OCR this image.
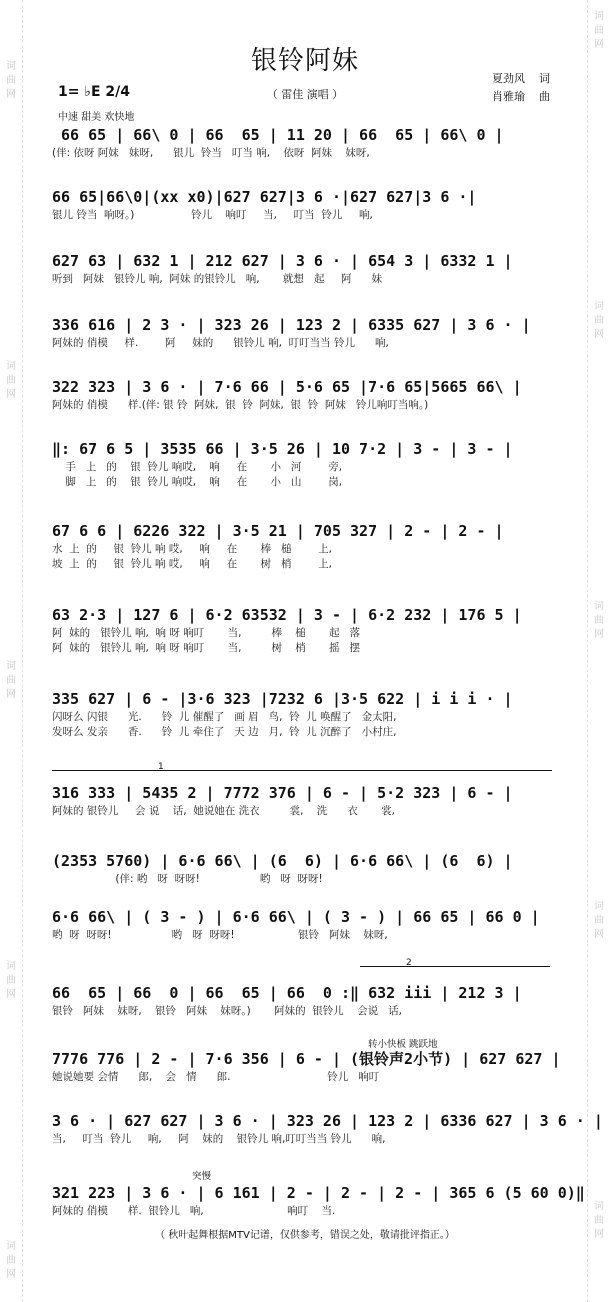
词
曲
网
词
曲
网
词
曲
网
词
曲
网
词
曲
网
词
曲
网
词
曲
网
词
曲
网
词
曲
网
词
曲
网
银铃阿妹
（ 雷佳 演唱 ）
夏劲风    词
肖雅瑜    曲
1= ♭E 2/4
中速 甜美 欢快地
66 65 | 66\ 0 | 66  65 | 11 20 | 66  65 | 66\ 0 |
(伴: 依呀 阿妹   妹呀,      银儿  铃当   叮当 响,    依呀  阿妹    妹呀,
66 65|66\0|(xx x0)|627 627|3 6 ·|627 627|3 6 ·|
银儿 铃当  响呀。)                 铃儿    响叮     当,     叮当  铃儿     响,
627 63 | 632 1 | 212 627 | 3 6 · | 654 3 | 6332 1 |
听到   阿妹   银铃儿 响,  阿妹 的银铃儿   响,       就想   起     阿      妹
336 616 | 2 3 · | 323 26 | 123 2 | 6335 627 | 3 6 · |
阿妹的 俏模     样.        阿     妹的      银铃儿 响,  叮叮当当 铃儿      响,
322 323 | 3 6 · | 7·6 66 | 5·6 65 |7·6 65|5665 66\ |
阿妹的 俏模      样.(伴: 银 铃  阿妹,  银  铃  阿妹,  银  铃  阿妹   铃儿响叮当响。)
‖: 67 6 5 | 3535 66 | 3·5 26 | 10 7·2 | 3 - | 3 - |
手   上   的    银  铃儿 响哎,    响     在       小   河        旁,
脚   上   的    银  铃儿 响哎,    响     在       小   山        岗,
67 6 6 | 6226 322 | 3·5 21 | 705 327 | 2 - | 2 - |
水  上  的     银  铃儿 响 哎,     响     在       棒   槌        上,
坡  上  的     银  铃儿 响 哎,     响     在       树   梢        上,
63 2·3 | 127 6 | 6·2 63532 | 3 - | 6·2 232 | 176 5 |
阿  妹的   银铃儿 响,  响 呀 响叮       当,         棒    槌       起   落
阿  妹的   银铃儿 响,  响 呀 响叮       当,         树    梢       摇   摆
335 627 | 6 - |3·6 323 |7232 6 |3·5 622 | i i i · |
闪呀么 闪银      光.      铃  儿 催醒了   画 眉   鸟,  铃  儿 唤醒了   金太阳,
发呀么 发亲      香.      铃  儿 牵住了   天 边   月,  铃  儿 沉醉了   小村庄,
1
316 333 | 5435 2 | 7772 376 | 6 - | 5·2 323 | 6 - |
阿妹的 银铃儿     会 说    话,  她说她在 洗衣         裳,    洗      衣       裳,
(2353 5760) | 6·6 66\ | (6  6) | 6·6 66\ | (6  6) |
(伴: 哟   呀  呀呀!                  哟   呀  呀呀!
6·6 66\ | ( 3 - ) | 6·6 66\ | ( 3 - ) | 66 65 | 66 0 |
哟  呀  呀呀!                  哟   呀  呀呀!                   银铃   阿妹    妹呀,
2
66  65 | 66  0 | 66  65 | 66  0 :‖ 632 iii | 212 3 |
银铃   阿妹    妹呀,    银铃   阿妹    妹呀。)       阿妹的  银铃儿    会说   话,
转小快板 跳跃地
7776 776 | 2 - | 7·6 356 | 6 - | (银铃声2小节) | 627 627 |
她说她要 会情      郎,    会   情      郎.                             铃儿   响叮
3 6 · | 627 627 | 3 6 · | 323 26 | 123 2 | 6336 627 | 3 6 · |
当,     叮当  铃儿     响,     阿    妹的    银铃儿 响,叮叮当当 铃儿      响,
突慢
321 223 | 3 6 · | 6 161 | 2 - | 2 - | 2 - | 365 6 (5 60 0)‖
阿妹的 俏模      样.  银铃儿   响,                         响叮    当.
（ 秋叶起舞根据MTV记谱，仅供参考，错误之处，敬请批评指正。）
